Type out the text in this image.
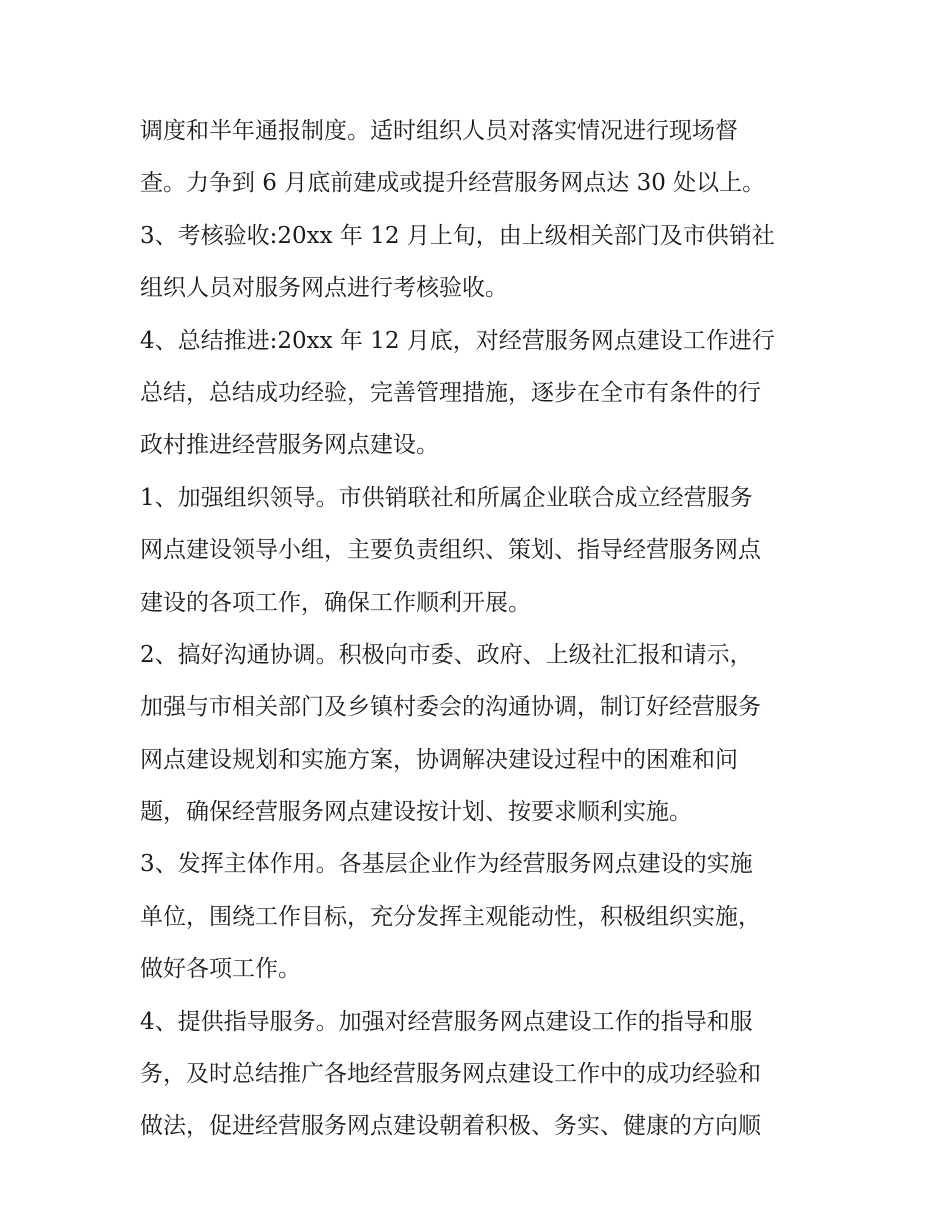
调度和半年通报制度。适时组织人员对落实情况进行现场督
查。力争到 6 月底前建成或提升经营服务网点达 30 处以上。
3、考核验收:20xx 年 12 月上旬，由上级相关部门及市供销社
组织人员对服务网点进行考核验收。
4、总结推进:20xx 年 12 月底，对经营服务网点建设工作进行
总结，总结成功经验，完善管理措施，逐步在全市有条件的行
政村推进经营服务网点建设。
1、加强组织领导。市供销联社和所属企业联合成立经营服务
网点建设领导小组，主要负责组织、策划、指导经营服务网点
建设的各项工作，确保工作顺利开展。
2、搞好沟通协调。积极向市委、政府、上级社汇报和请示，
加强与市相关部门及乡镇村委会的沟通协调，制订好经营服务
网点建设规划和实施方案，协调解决建设过程中的困难和问
题，确保经营服务网点建设按计划、按要求顺利实施。
3、发挥主体作用。各基层企业作为经营服务网点建设的实施
单位，围绕工作目标，充分发挥主观能动性，积极组织实施，
做好各项工作。
4、提供指导服务。加强对经营服务网点建设工作的指导和服
务，及时总结推广各地经营服务网点建设工作中的成功经验和
做法，促进经营服务网点建设朝着积极、务实、健康的方向顺
